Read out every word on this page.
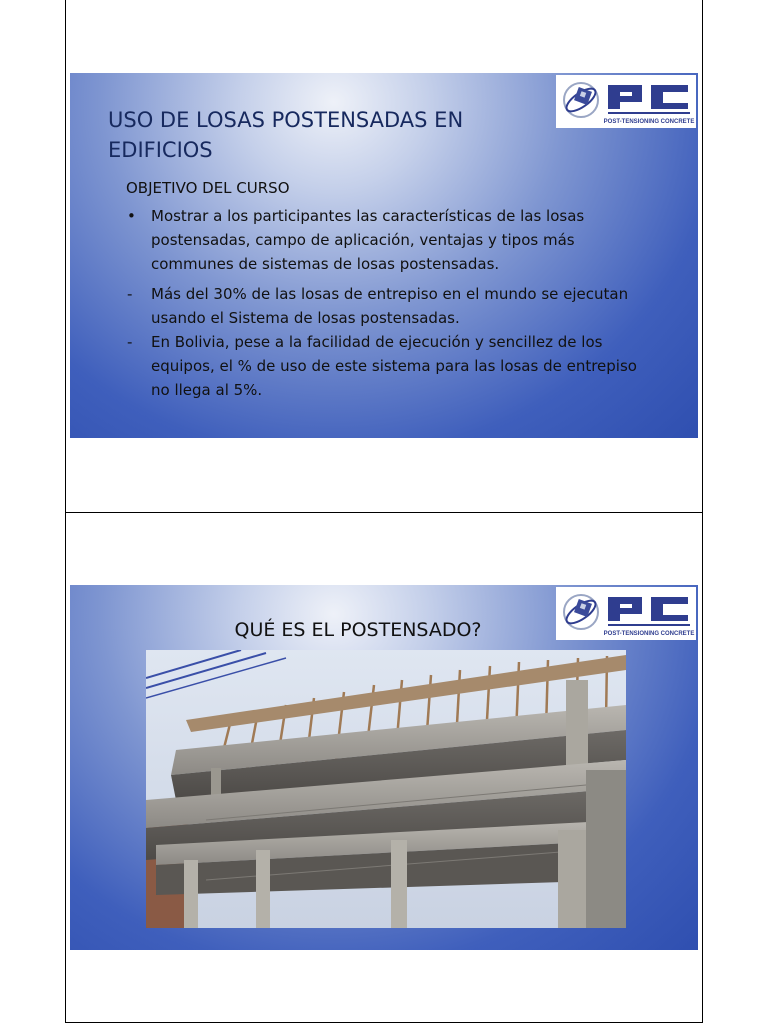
POST-TENSIONING CONCRETE
USO DE LOSAS POSTENSADAS EN EDIFICIOS

OBJETIVO DEL CURSO

• Mostrar a los participantes las características de las losas postensadas, campo de aplicación, ventajas y tipos más communes de sistemas de losas postensadas.
- Más del 30% de las losas de entrepiso en el mundo se ejecutan usando el Sistema de losas postensadas.
- En Bolivia, pese a la facilidad de ejecución y sencillez de los equipos, el % de uso de este sistema para las losas de entrepiso no llega al 5%.
POST-TENSIONING CONCRETE
QUÉ ES EL POSTENSADO?
